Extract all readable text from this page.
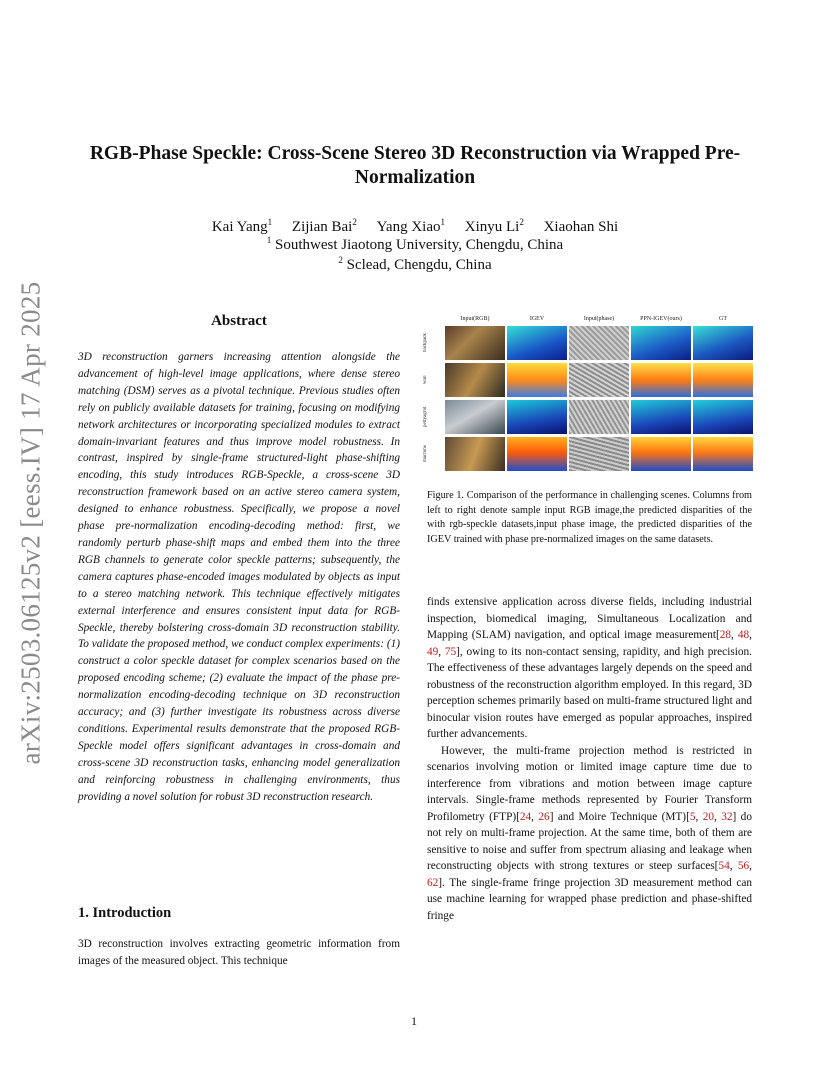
arXiv:2503.06125v2 [eess.IV] 17 Apr 2025
RGB-Phase Speckle: Cross-Scene Stereo 3D Reconstruction via Wrapped Pre-Normalization
Kai Yang$^1$ Zijian Bai$^2$ Yang Xiao$^1$ Xinyu Li$^2$ Xiaohan Shi
$^1$ Southwest Jiaotong University, Chengdu, China
$^2$ Sclead, Chengdu, China
Abstract
3D reconstruction garners increasing attention alongside the advancement of high-level image applications, where dense stereo matching (DSM) serves as a pivotal technique. Previous studies often rely on publicly available datasets for training, focusing on modifying network architectures or incorporating specialized modules to extract domain-invariant features and thus improve model robustness. In contrast, inspired by single-frame structured-light phase-shifting encoding, this study introduces RGB-Speckle, a cross-scene 3D reconstruction framework based on an active stereo camera system, designed to enhance robustness. Specifically, we propose a novel phase pre-normalization encoding-decoding method: first, we randomly perturb phase-shift maps and embed them into the three RGB channels to generate color speckle patterns; subsequently, the camera captures phase-encoded images modulated by objects as input to a stereo matching network. This technique effectively mitigates external interference and ensures consistent input data for RGB-Speckle, thereby bolstering cross-domain 3D reconstruction stability. To validate the proposed method, we conduct complex experiments: (1) construct a color speckle dataset for complex scenarios based on the proposed encoding scheme; (2) evaluate the impact of the phase pre-normalization encoding-decoding technique on 3D reconstruction accuracy; and (3) further investigate its robustness across diverse conditions. Experimental results demonstrate that the proposed RGB-Speckle model offers significant advantages in cross-domain and cross-scene 3D reconstruction tasks, enhancing model generalization and reinforcing robustness in challenging environments, thus providing a novel solution for robust 3D reconstruction research.
1. Introduction
3D reconstruction involves extracting geometric information from images of the measured object. This technique
Input(RGB)	IGEV	Input(phase)	PPN-IGEV(ours)	GT
backpack
wall
pettyagrid
machine
Figure 1. Comparison of the performance in challenging scenes. Columns from left to right denote sample input RGB image,the predicted disparities of the with rgb-speckle datasets,input phase image, the predicted disparities of the IGEV trained with phase pre-normalized images on the same datasets.

finds extensive application across diverse fields, including industrial inspection, biomedical imaging, Simultaneous Localization and Mapping (SLAM) navigation, and optical image measurement[28, 48, 49, 75], owing to its non-contact sensing, rapidity, and high precision. The effectiveness of these advantages largely depends on the speed and robustness of the reconstruction algorithm employed. In this regard, 3D perception schemes primarily based on multi-frame structured light and binocular vision routes have emerged as popular approaches, inspired further advancements.

However, the multi-frame projection method is restricted in scenarios involving motion or limited image capture time due to interference from vibrations and motion between image capture intervals. Single-frame methods represented by Fourier Transform Profilometry (FTP)[24, 26] and Moire Technique (MT)[5, 20, 32] do not rely on multi-frame projection. At the same time, both of them are sensitive to noise and suffer from spectrum aliasing and leakage when reconstructing objects with strong textures or steep surfaces[54, 56, 62]. The single-frame fringe projection 3D measurement method can use machine learning for wrapped phase prediction and phase-shifted fringe

1
